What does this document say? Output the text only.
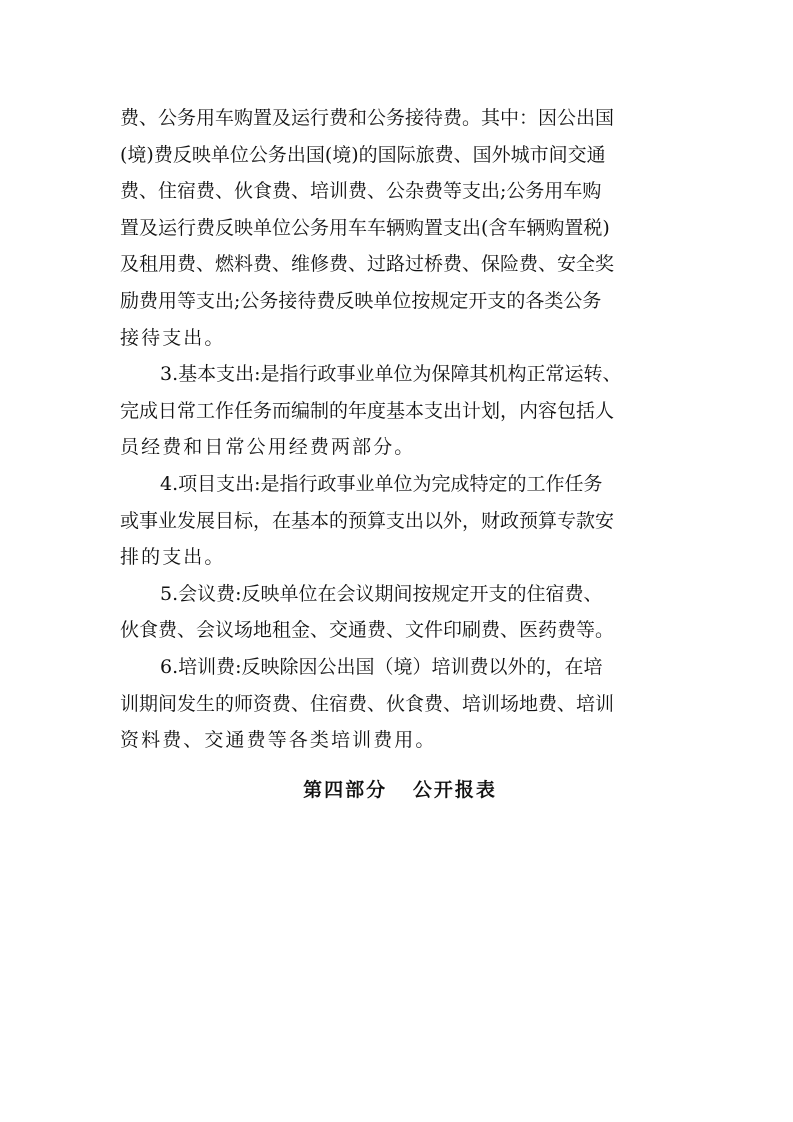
费、公务用车购置及运行费和公务接待费。其中：因公出国
(境)费反映单位公务出国(境)的国际旅费、国外城市间交通
费、住宿费、伙食费、培训费、公杂费等支出;公务用车购
置及运行费反映单位公务用车车辆购置支出(含车辆购置税)
及租用费、燃料费、维修费、过路过桥费、保险费、安全奖
励费用等支出;公务接待费反映单位按规定开支的各类公务
接待支出。
3.基本支出:是指行政事业单位为保障其机构正常运转、
完成日常工作任务而编制的年度基本支出计划，内容包括人
员经费和日常公用经费两部分。
4.项目支出:是指行政事业单位为完成特定的工作任务
或事业发展目标，在基本的预算支出以外，财政预算专款安
排的支出。
5.会议费:反映单位在会议期间按规定开支的住宿费、
伙食费、会议场地租金、交通费、文件印刷费、医药费等。
6.培训费:反映除因公出国（境）培训费以外的，在培
训期间发生的师资费、住宿费、伙食费、培训场地费、培训
资料费、交通费等各类培训费用。
第四部分   公开报表
